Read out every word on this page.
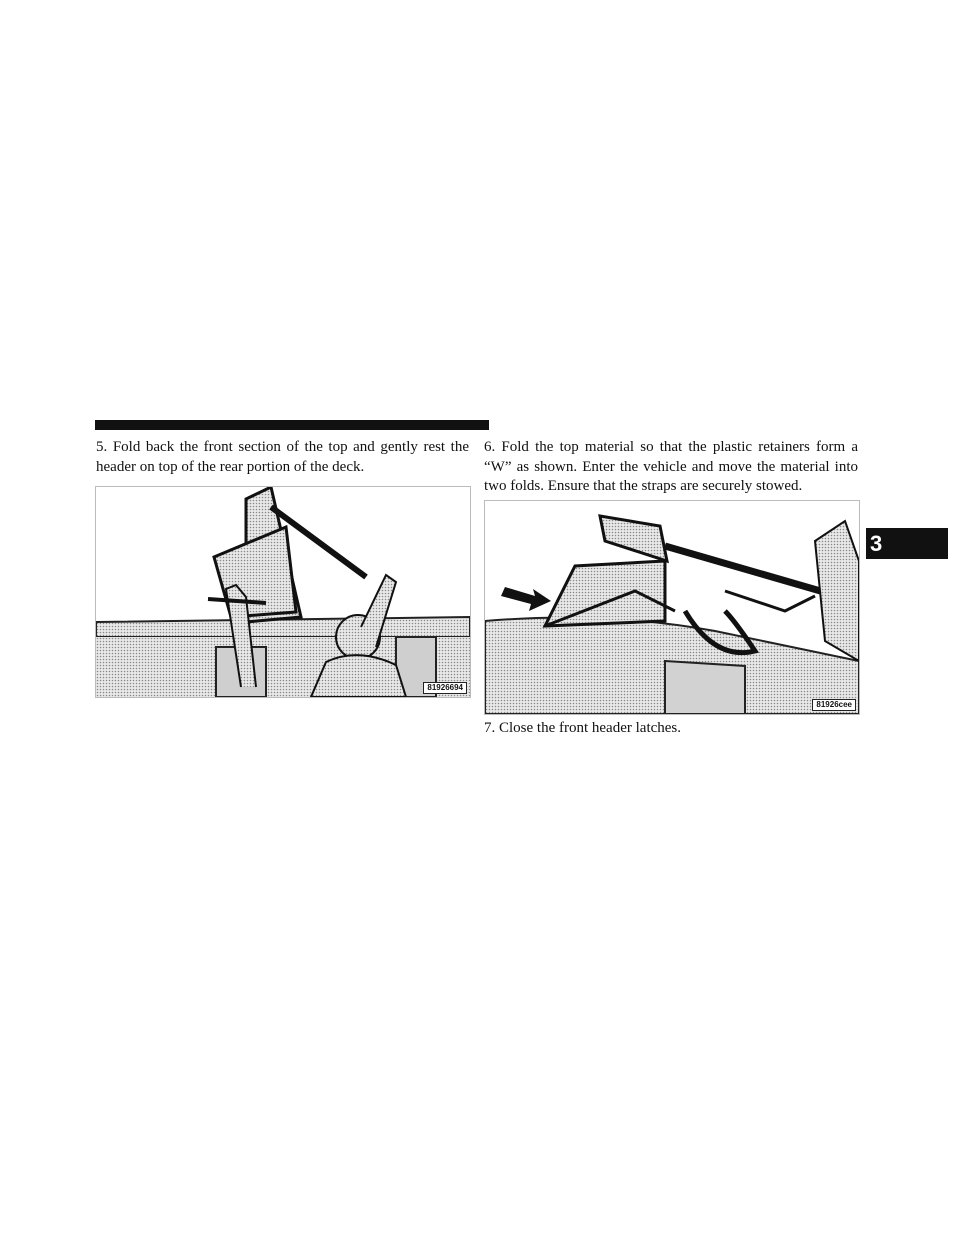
5. Fold back the front section of the top and gently rest the header on top of the rear portion of the deck.

81926694

6. Fold the top material so that the plastic retainers form a “W” as shown. Enter the vehicle and move the material into two folds. Ensure that the straps are securely stowed.

81926cee

7. Close the front header latches.

3
